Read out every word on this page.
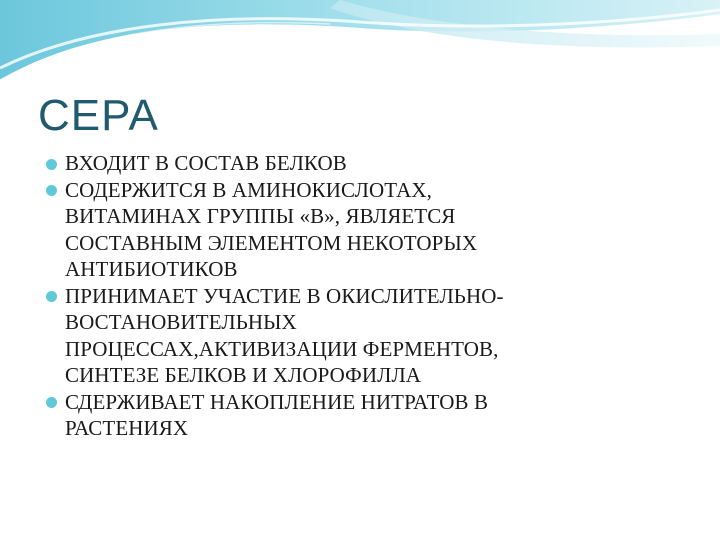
СЕРА
ВХОДИТ В СОСТАВ БЕЛКОВ
СОДЕРЖИТСЯ В АМИНОКИСЛОТАХ,
ВИТАМИНАХ ГРУППЫ «В», ЯВЛЯЕТСЯ
СОСТАВНЫМ ЭЛЕМЕНТОМ НЕКОТОРЫХ
АНТИБИОТИКОВ
ПРИНИМАЕТ УЧАСТИЕ В ОКИСЛИТЕЛЬНО-
ВОСТАНОВИТЕЛЬНЫХ
ПРОЦЕССАХ,АКТИВИЗАЦИИ ФЕРМЕНТОВ,
СИНТЕЗЕ БЕЛКОВ И ХЛОРОФИЛЛА
СДЕРЖИВАЕТ НАКОПЛЕНИЕ НИТРАТОВ В
РАСТЕНИЯХ
